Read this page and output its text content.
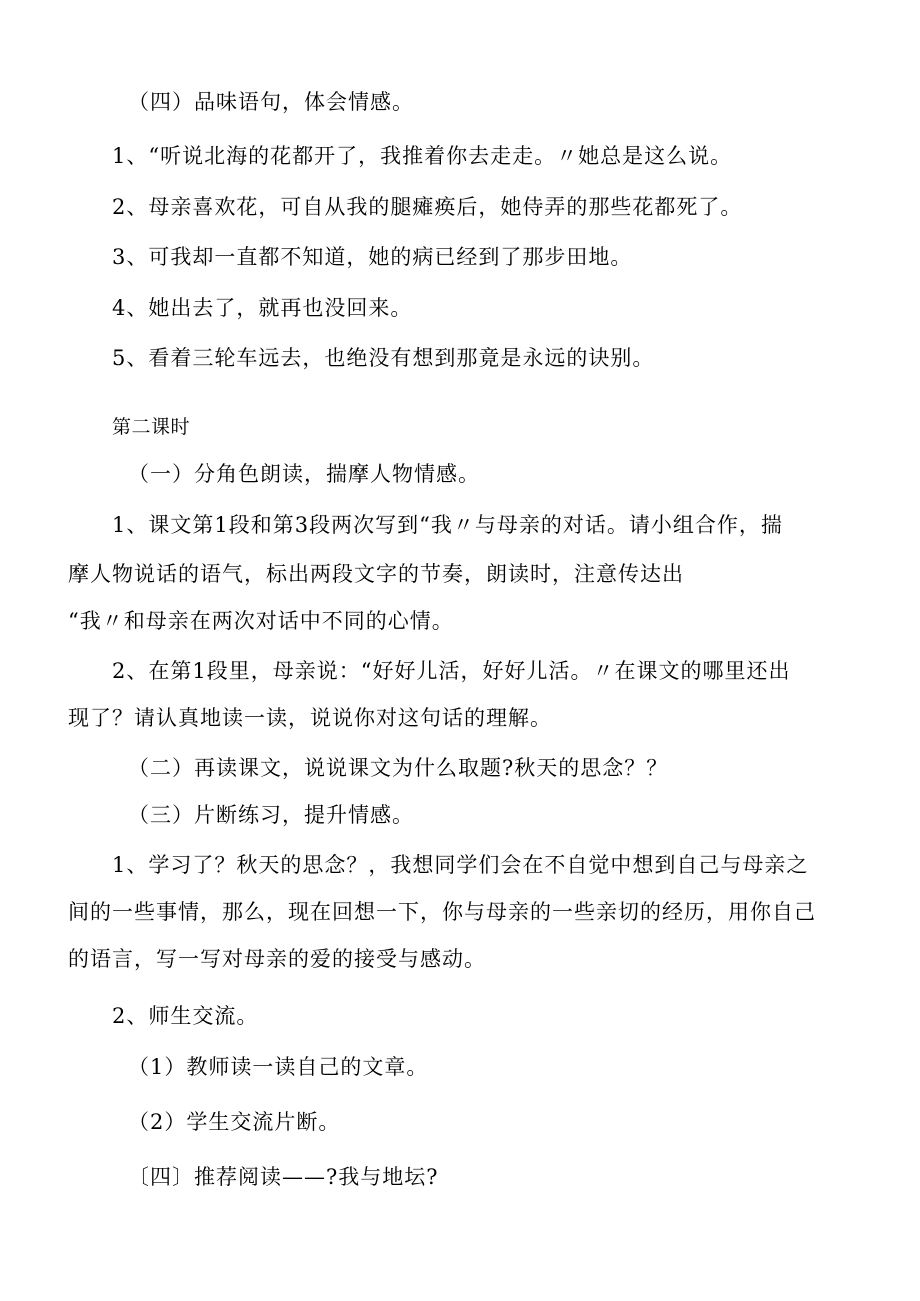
（四）品味语句，体会情感。
1、“听说北海的花都开了，我推着你去走走。〃她总是这么说。
2、母亲喜欢花，可自从我的腿瘫痪后，她侍弄的那些花都死了。
3、可我却一直都不知道，她的病已经到了那步田地。
4、她出去了，就再也没回来。
5、看着三轮车远去，也绝没有想到那竟是永远的诀别。
第二课时
（一）分角色朗读，揣摩人物情感。
1、课文第1段和第3段两次写到“我〃与母亲的对话。请小组合作，揣
摩人物说话的语气，标出两段文字的节奏，朗读时，注意传达出
“我〃和母亲在两次对话中不同的心情。
2、在第1段里，母亲说：“好好儿活，好好儿活。〃在课文的哪里还出
现了？请认真地读一读，说说你对这句话的理解。
（二）再读课文，说说课文为什么取题?秋天的思念？？
（三）片断练习，提升情感。
1、学习了？秋天的思念？，我想同学们会在不自觉中想到自己与母亲之
间的一些事情，那么，现在回想一下，你与母亲的一些亲切的经历，用你自己
的语言，写一写对母亲的爱的接受与感动。
2、师生交流。
（1）教师读一读自己的文章。
（2）学生交流片断。
〔四〕推荐阅读——?我与地坛?
